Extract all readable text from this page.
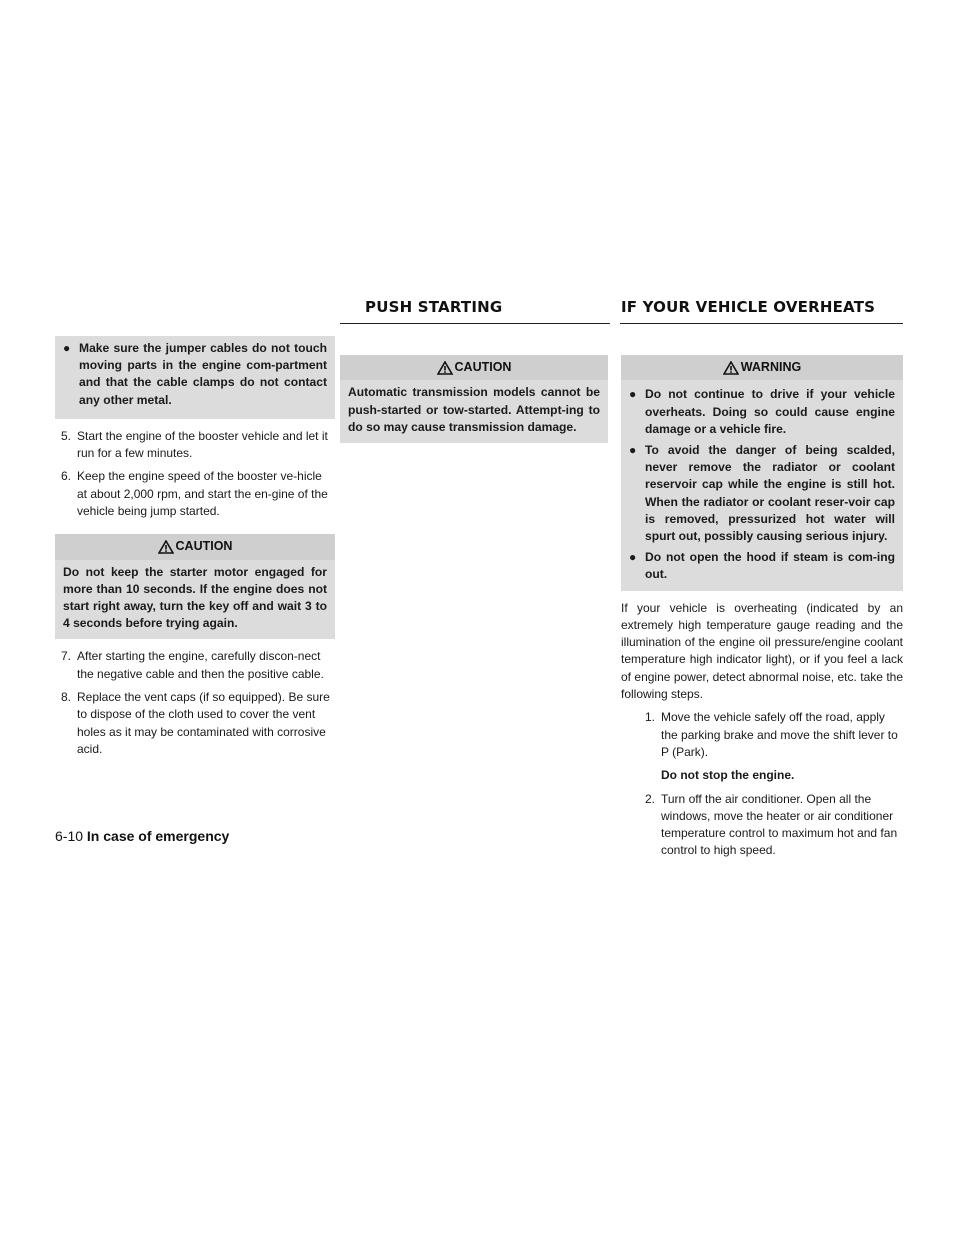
PUSH STARTING	IF YOUR VEHICLE OVERHEATS
● Make sure the jumper cables do not touch moving parts in the engine com-partment and that the cable clamps do not contact any other metal.
5. Start the engine of the booster vehicle and let it run for a few minutes.
6. Keep the engine speed of the booster ve-hicle at about 2,000 rpm, and start the en-gine of the vehicle being jump started.
CAUTION
Do not keep the starter motor engaged for more than 10 seconds. If the engine does not start right away, turn the key off and wait 3 to 4 seconds before trying again.
7. After starting the engine, carefully discon-nect the negative cable and then the positive cable.
8. Replace the vent caps (if so equipped). Be sure to dispose of the cloth used to cover the vent holes as it may be contaminated with corrosive acid.
CAUTION
Automatic transmission models cannot be push-started or tow-started. Attempt-ing to do so may cause transmission damage.
WARNING
● Do not continue to drive if your vehicle overheats. Doing so could cause engine damage or a vehicle fire.
● To avoid the danger of being scalded, never remove the radiator or coolant reservoir cap while the engine is still hot. When the radiator or coolant reser-voir cap is removed, pressurized hot water will spurt out, possibly causing serious injury.
● Do not open the hood if steam is com-ing out.

If your vehicle is overheating (indicated by an extremely high temperature gauge reading and the illumination of the engine oil pressure/engine coolant temperature high indicator light), or if you feel a lack of engine power, detect abnormal noise, etc. take the following steps.

1. Move the vehicle safely off the road, apply the parking brake and move the shift lever to P (Park).
Do not stop the engine.
2. Turn off the air conditioner. Open all the windows, move the heater or air conditioner temperature control to maximum hot and fan control to high speed.
6-10 In case of emergency
